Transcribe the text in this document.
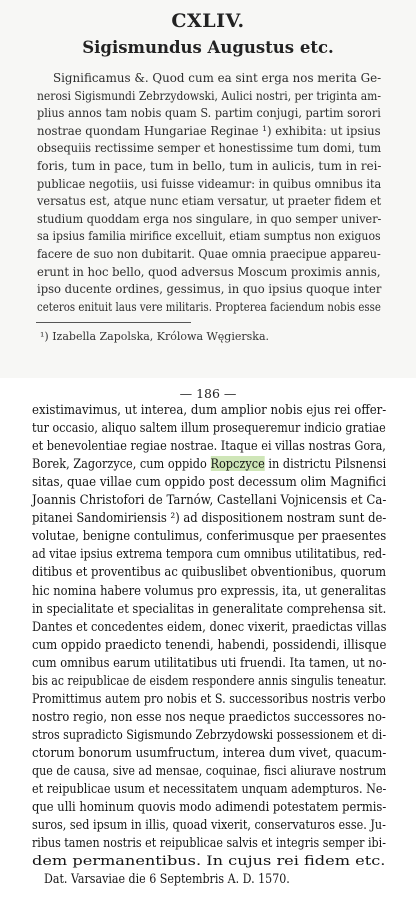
CXLIV.
Sigismundus Augustus etc.
Significamus &. Quod cum ea sint erga nos merita Ge-
nerosi Sigismundi Zebrzydowski, Aulici nostri, per triginta am-
plius annos tam nobis quam S. partim conjugi, partim sorori
nostrae quondam Hungariae Reginae ¹) exhibita: ut ipsius
obsequiis rectissime semper et honestissime tum domi, tum
foris, tum in pace, tum in bello, tum in aulicis, tum in rei-
publicae negotiis, usi fuisse videamur: in quibus omnibus ita
versatus est, atque nunc etiam versatur, ut praeter fidem et
studium quoddam erga nos singulare, in quo semper univer-
sa ipsius familia mirifice excelluit, etiam sumptus non exiguos
facere de suo non dubitarit. Quae omnia praecipue appareu-
erunt in hoc bello, quod adversus Moscum proximis annis,
ipso ducente ordines, gessimus, in quo ipsius quoque inter
ceteros enituit laus vere militaris. Propterea faciendum nobis esse
¹) Izabella Zapolska, Królowa Węgierska.
— 186 —
existimavimus, ut interea, dum amplior nobis ejus rei offer-
tur occasio, aliquo saltem illum prosequeremur indicio gratiae
et benevolentiae regiae nostrae. Itaque ei villas nostras Gora,
Borek, Zagorzyce, cum oppido Ropczyce in districtu Pilsnensi
sitas, quae villae cum oppido post decessum olim Magnifici
Joannis Christofori de Tarnów, Castellani Vojnicensis et Ca-
pitanei Sandomiriensis ²) ad dispositionem nostram sunt de-
volutae, benigne contulimus, conferimusque per praesentes
ad vitae ipsius extrema tempora cum omnibus utilitatibus, red-
ditibus et proventibus ac quibuslibet obventionibus, quorum
hic nomina habere volumus pro expressis, ita, ut generalitas
in specialitate et specialitas in generalitate comprehensa sit.
Dantes et concedentes eidem, donec vixerit, praedictas villas
cum oppido praedicto tenendi, habendi, possidendi, illisque
cum omnibus earum utilitatibus uti fruendi. Ita tamen, ut no-
bis ac reipublicae de eisdem respondere annis singulis teneatur.
Promittimus autem pro nobis et S. successoribus nostris verbo
nostro regio, non esse nos neque praedictos successores no-
stros supradicto Sigismundo Zebrzydowski possessionem et di-
ctorum bonorum usumfructum, interea dum vivet, quacum-
que de causa, sive ad mensae, coquinae, fisci aliurave nostrum
et reipublicae usum et necessitatem unquam adempturos. Ne-
que ulli hominum quovis modo adimendi potestatem permis-
suros, sed ipsum in illis, quoad vixerit, conservaturos esse. Ju-
ribus tamen nostris et reipublicae salvis et integris semper ibi-
dem permanentibus. In cujus rei fidem etc.
Dat. Varsaviae die 6 Septembris A. D. 1570.
